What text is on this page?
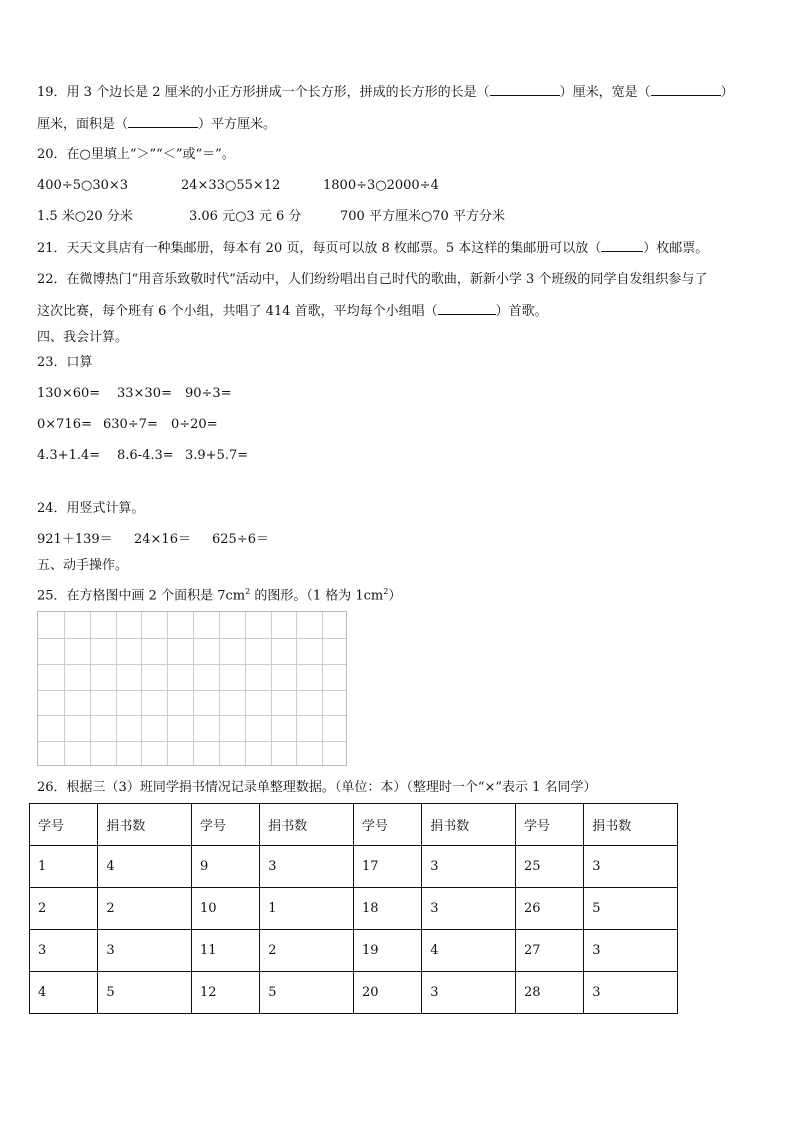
19．用 3 个边长是 2 厘米的小正方形拼成一个长方形，拼成的长方形的长是（	）厘米，宽是（	）
厘米，面积是（	）平方厘米。
20．在○里填上“＞”“＜”或“＝”。
400÷5○30×3	24×33○55×12	1800÷3○2000÷4
1.5 米○20 分米	3.06 元○3 元 6 分	700 平方厘米○70 平方分米
21．天天文具店有一种集邮册，每本有 20 页，每页可以放 8 枚邮票。5 本这样的集邮册可以放（	）枚邮票。
22．在微博热门“用音乐致敬时代”活动中，人们纷纷唱出自己时代的歌曲，新新小学 3 个班级的同学自发组织参与了
这次比赛，每个班有 6 个小组，共唱了 414 首歌，平均每个小组唱（	）首歌。
四、我会计算。
23．口算
130×60= 33×30= 90÷3=
0×716= 630÷7= 0÷20=
4.3+1.4= 8.6-4.3= 3.9+5.7=
24．用竖式计算。
921＋139＝ 24×16＝ 625÷6＝
五、动手操作。
25．在方格图中画 2 个面积是 $7cm^2$ 的图形。（1 格为 $1cm^2$）
26．根据三（3）班同学捐书情况记录单整理数据。（单位：本）（整理时一个“×”表示 1 名同学）
学号	捐书数	学号	捐书数	学号	捐书数	学号	捐书数
1	4	9	3	17	3	25	3
2	2	10	1	18	3	26	5
3	3	11	2	19	4	27	3
4	5	12	5	20	3	28	3
